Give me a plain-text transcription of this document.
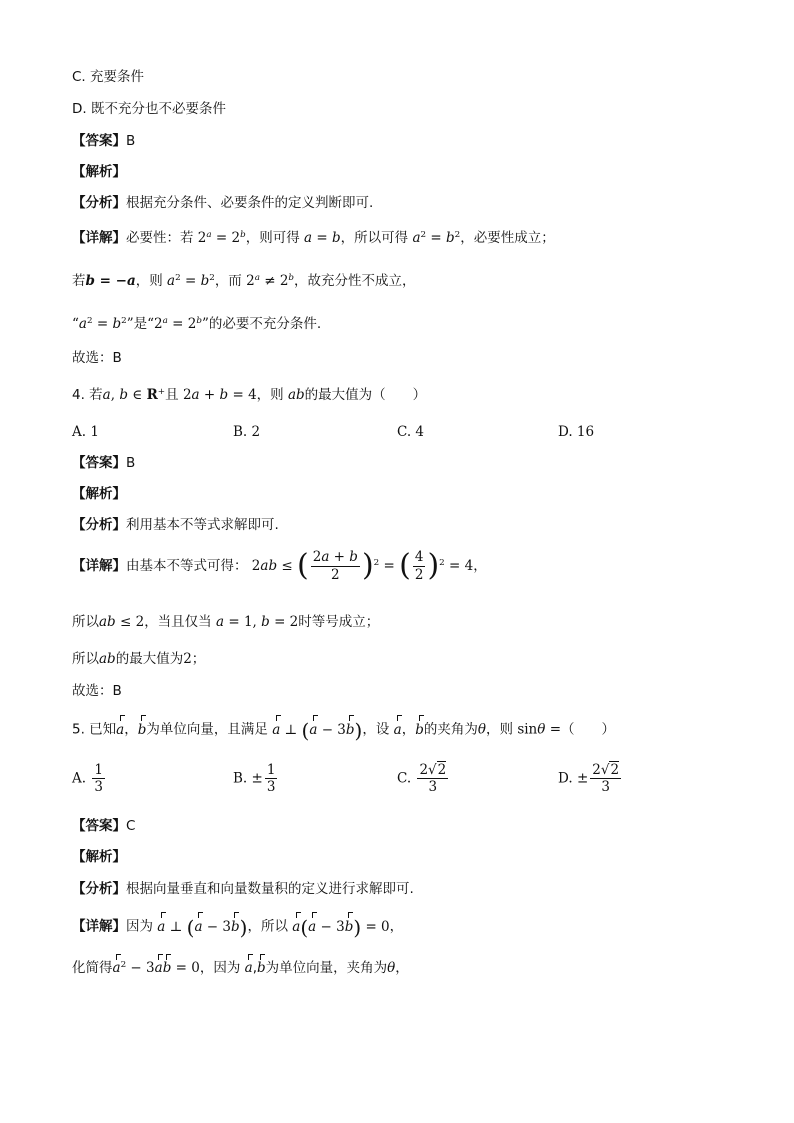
C. 充要条件
D. 既不充分也不必要条件
【答案】B
【解析】
【分析】根据充分条件、必要条件的定义判断即可.
【详解】必要性：若 $2^a = 2^b$，则可得 a = b，所以可得 $a^2 = b^2$，必要性成立；
若b = −a，则 $a^2 = b^2$，而 $2^a \ne 2^b$，故充分性不成立，
“$a^2 = b^2$”是“$2^a = 2^b$”的必要不充分条件.
故选：B
4. 若a, b ∈ R+且 2a + b = 4，则 ab的最大值为（　　）
A. 1	B. 2	C. 4	D. 16
【答案】B
【解析】
【分析】利用基本不等式求解即可.
【详解】由基本不等式可得： 2ab ≤ ( $\frac{2a + b}{2} )^2$ = ( $\frac{4}{2} )^2 = 4$，
所以ab ≤ 2，当且仅当 a = 1, b = 2时等号成立；
所以ab的最大值为2；
故选：B
5. 已知a，b为单位向量，且满足 a ⊥ (a − 3b)，设 a，b的夹角为θ，则 sinθ =（　　）
A. $\frac{1}{3}$	B. ± $\frac{1}{3}$	C. $\frac{2√2}{3}$	D. ± $\frac{2√2}{3}$
【答案】C
【解析】
【分析】根据向量垂直和向量数量积的定义进行求解即可.
【详解】因为 a ⊥ (a − 3b)，所以 a(a − 3b) = 0，
化简得$a^2 - 3ab = 0$，因为 a,b为单位向量，夹角为θ，
